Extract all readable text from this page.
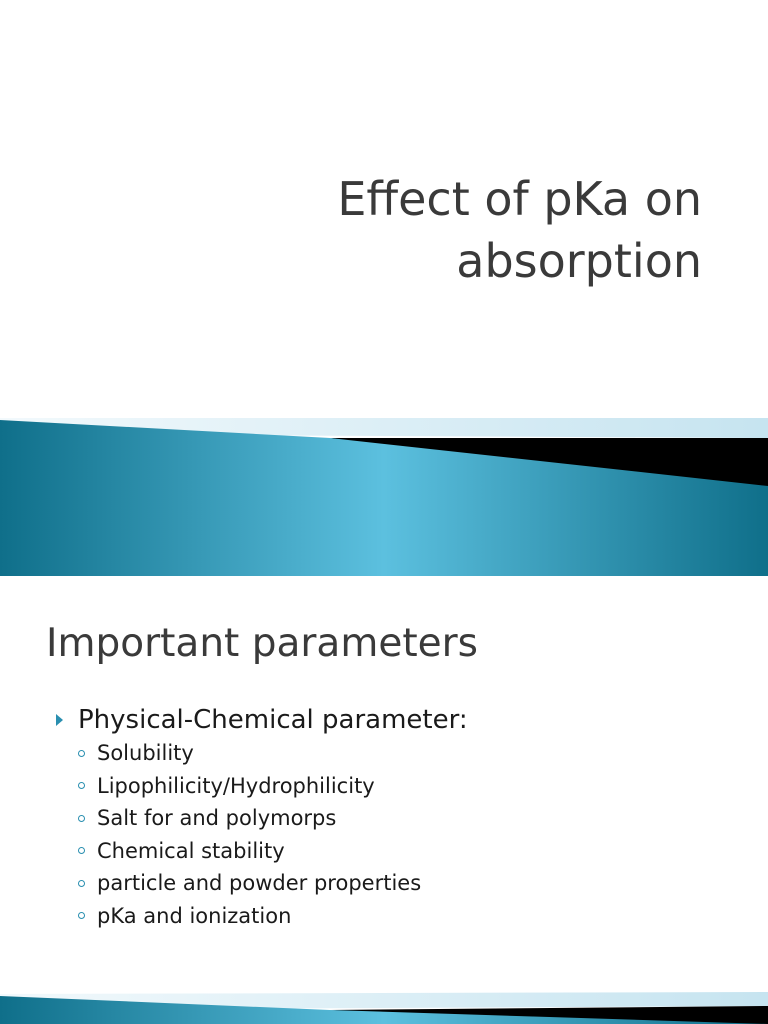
Effect of pKa on
absorption
Important parameters
Physical-Chemical parameter:
Solubility
Lipophilicity/Hydrophilicity
Salt for and polymorps
Chemical stability
particle and powder properties
pKa and ionization
